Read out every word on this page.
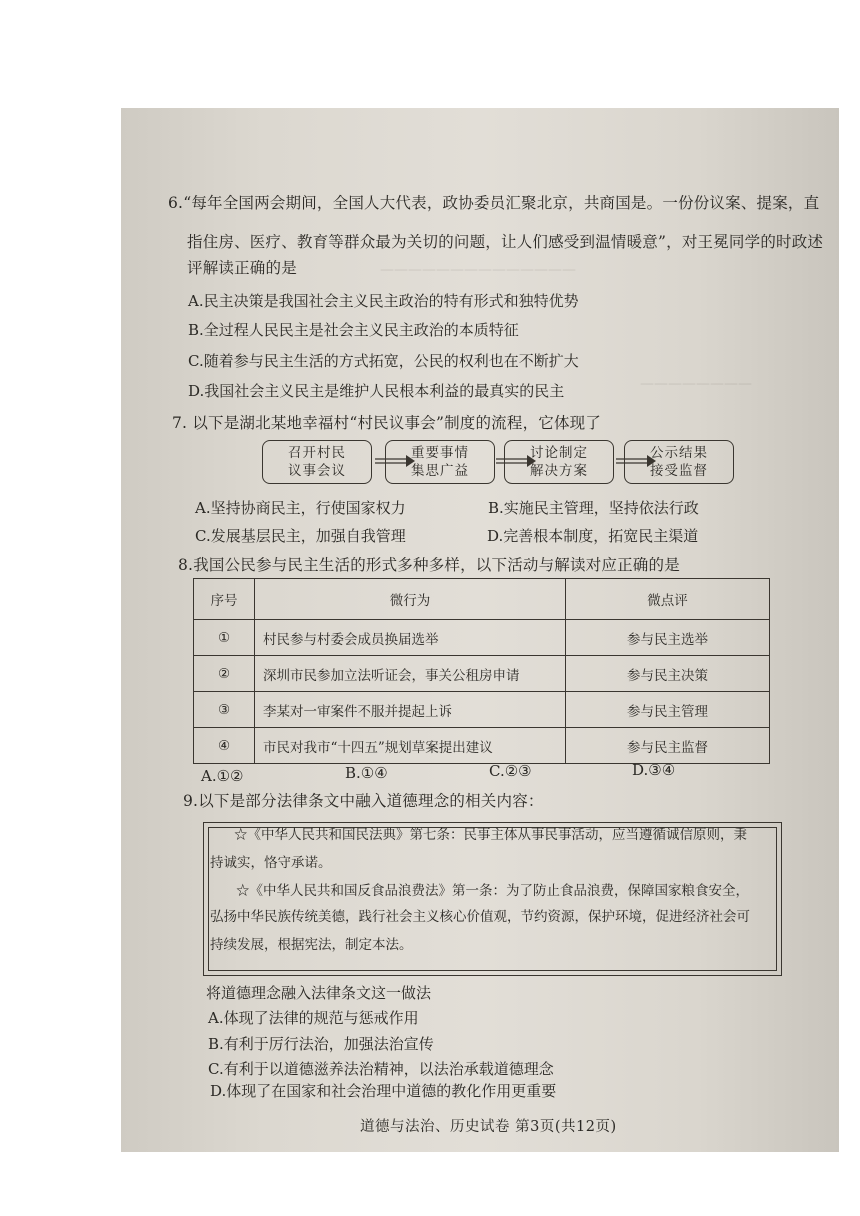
——————————————
————————
6.“每年全国两会期间，全国人大代表，政协委员汇聚北京，共商国是。一份份议案、提案，直
指住房、医疗、教育等群众最为关切的问题，让人们感受到温情暖意”，对王冕同学的时政述
评解读正确的是
A.民主决策是我国社会主义民主政治的特有形式和独特优势
B.全过程人民民主是社会主义民主政治的本质特征
C.随着参与民主生活的方式拓宽，公民的权利也在不断扩大
D.我国社会主义民主是维护人民根本利益的最真实的民主
7. 以下是湖北某地幸福村“村民议事会”制度的流程，它体现了
召开村民
议事会议
重要事情
集思广益
讨论制定
解决方案
公示结果
接受监督
A.坚持协商民主，行使国家权力	B.实施民主管理，坚持依法行政
C.发展基层民主，加强自我管理	D.完善根本制度，拓宽民主渠道
8.我国公民参与民主生活的形式多种多样，以下活动与解读对应正确的是
序号	微行为	微点评
①	村民参与村委会成员换届选举	参与民主选举
②	深圳市民参加立法听证会，事关公租房申请	参与民主决策
③	李某对一审案件不服并提起上诉	参与民主管理
④	市民对我市“十四五”规划草案提出建议	参与民主监督
A.①②	B.①④	C.②③	D.③④
9.以下是部分法律条文中融入道德理念的相关内容：
☆《中华人民共和国民法典》第七条：民事主体从事民事活动，应当遵循诚信原则，秉
持诚实，恪守承诺。
☆《中华人民共和国反食品浪费法》第一条：为了防止食品浪费，保障国家粮食安全，
弘扬中华民族传统美德，践行社会主义核心价值观，节约资源，保护环境，促进经济社会可
持续发展，根据宪法，制定本法。
将道德理念融入法律条文这一做法
A.体现了法律的规范与惩戒作用
B.有利于厉行法治，加强法治宣传
C.有利于以道德滋养法治精神，以法治承载道德理念
D.体现了在国家和社会治理中道德的教化作用更重要
道德与法治、历史试卷 第3页(共12页)
